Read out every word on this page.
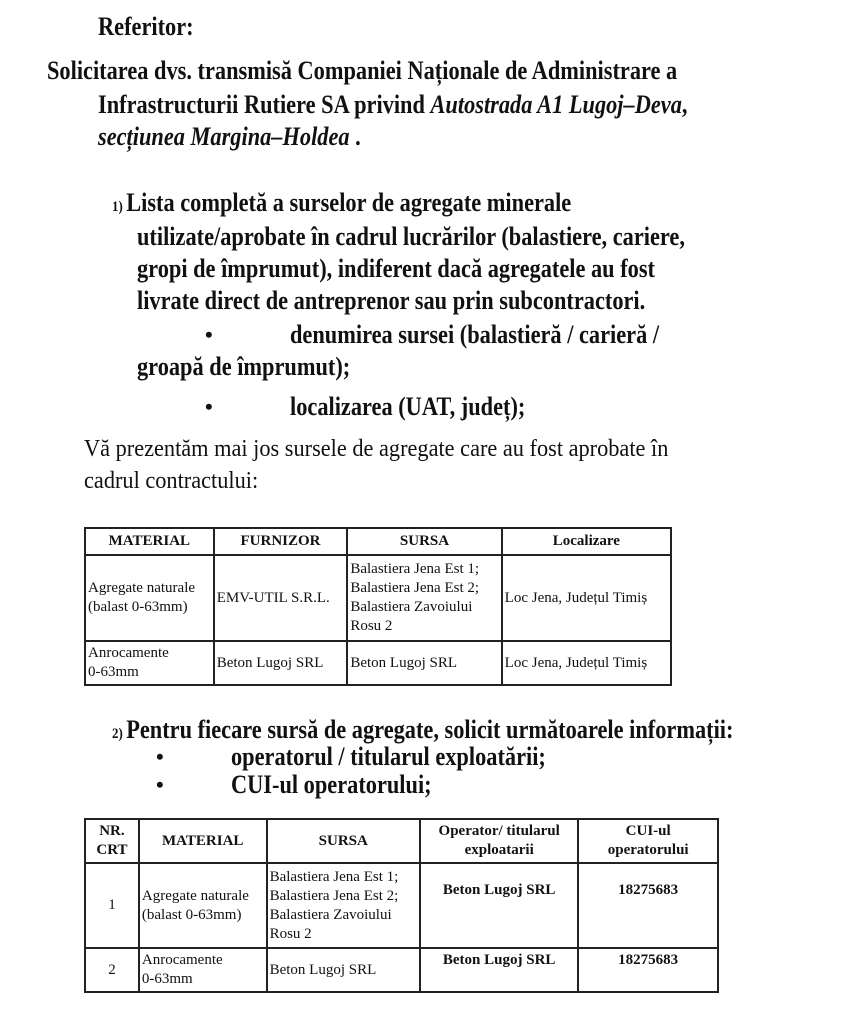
Referitor:
Solicitarea dvs. transmisă Companiei Naționale de Administrare a
Infrastructurii Rutiere SA privind Autostrada A1 Lugoj–Deva,
secțiunea Margina–Holdea .
1) Lista completă a surselor de agregate minerale
utilizate/aprobate în cadrul lucrărilor (balastiere, cariere,
gropi de împrumut), indiferent dacă agregatele au fost
livrate direct de antreprenor sau prin subcontractori.
•	denumirea sursei (balastieră / carieră /
groapă de împrumut);
•	localizarea (UAT, județ);
Vă prezentăm mai jos sursele de agregate care au fost aprobate în
cadrul contractului:
MATERIAL	FURNIZOR	SURSA	Localizare

Agregate naturale
(balast 0-63mm)	EMV-UTIL S.R.L.	Balastiera Jena Est 1;
Balastiera Jena Est 2;
Balastiera Zavoiului
Rosu 2	Loc Jena, Județul Timiș

Anrocamente
0-63mm	Beton Lugoj SRL	Beton Lugoj SRL	Loc Jena, Județul Timiș
2) Pentru fiecare sursă de agregate, solicit următoarele informații:
•	operatorul / titularul exploatării;
•	CUI-ul operatorului;
NR.
CRT	MATERIAL	SURSA	Operator/ titularul
exploatarii	CUI-ul
operatorului

1	Agregate naturale
(balast 0-63mm)	Balastiera Jena Est 1;
Balastiera Jena Est 2;
Balastiera Zavoiului
Rosu 2	Beton Lugoj SRL	18275683
2	Anrocamente
0-63mm	Beton Lugoj SRL	Beton Lugoj SRL	18275683
